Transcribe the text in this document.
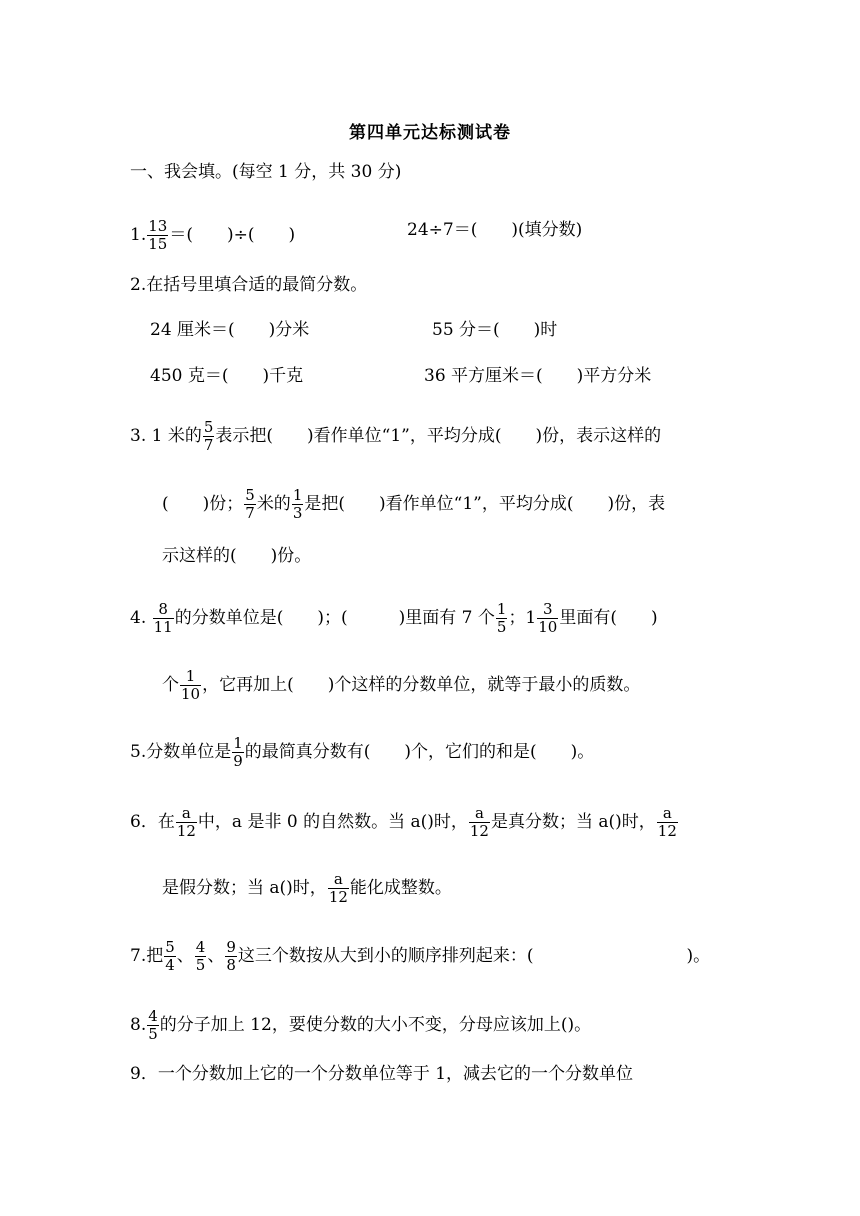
第四单元达标测试卷
一、我会填。(每空 1 分，共 30 分)
1. $\frac{13}{15}$ ＝(　　)÷(　　)	24÷7＝(　　)(填分数)
2.在括号里填合适的最简分数。
24 厘米＝(　　)分米	55 分＝(　　)时
450 克＝(　　)千克	36 平方厘米＝(　　)平方分米
3. 1 米的 $\frac{5}{7}$ 表示把(　　)看作单位“1”，平均分成(　　)份，表示这样的
(　　)份； $\frac{5}{7}$ 米的 $\frac{1}{3}$ 是把(　　)看作单位“1”，平均分成(　　)份，表
示这样的(　　)份。
4. $\frac{8}{11}$ 的分数单位是(　　)；(　　　)里面有 7 个 $\frac{1}{5}$ ；$1 \frac{3}{10}$ 里面有(　　)
个 $\frac{1}{10}$ ，它再加上(　　)个这样的分数单位，就等于最小的质数。
5.分数单位是 $\frac{1}{9}$ 的最简真分数有(　　)个，它们的和是(　　)。
6．在 $\frac{a}{12}$ 中，a 是非 0 的自然数。当 a()时， $\frac{a}{12}$ 是真分数；当 a()时， $\frac{a}{12}$
是假分数；当 a()时， $\frac{a}{12}$ 能化成整数。
7.把 $\frac{5}{4}$ 、 $\frac{4}{5}$ 、 $\frac{9}{8}$ 这三个数按从大到小的顺序排列起来：(　　　　　　　　　)。
8. $\frac{4}{5}$ 的分子加上 12，要使分数的大小不变，分母应该加上()。
9．一个分数加上它的一个分数单位等于 1，减去它的一个分数单位
